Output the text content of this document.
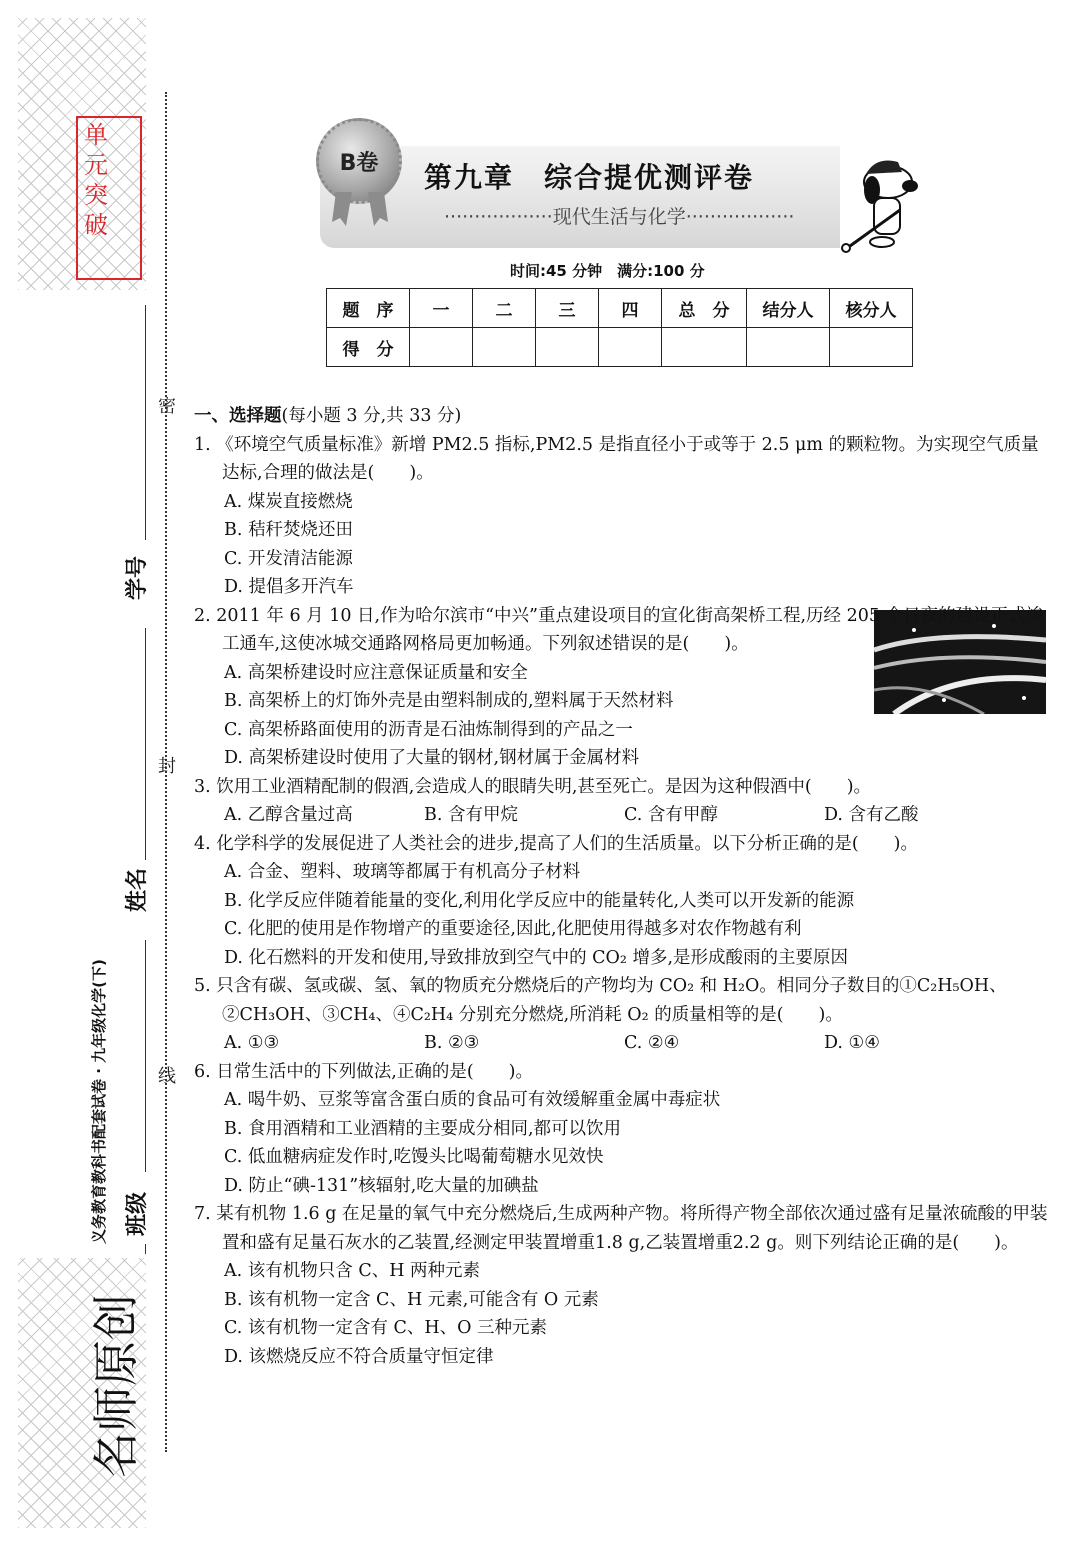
单
元
突
破
密
封
线
学号
姓名
班级
义务教育教科书配套试卷 · 九年级化学(下)
名师原创
B卷 第九章　综合提优测评卷
··················现代生活与化学··················
时间:45 分钟　满分:100 分
题　序	一	二	三	四	总　分	结分人	核分人
得　分							
一、选择题(每小题 3 分,共 33 分)
1. 《环境空气质量标准》新增 PM2.5 指标,PM2.5 是指直径小于或等于 2.5 μm 的颗粒物。为实现空气质量达标,合理的做法是(　　)。
A. 煤炭直接燃烧
B. 秸秆焚烧还田
C. 开发清洁能源
D. 提倡多开汽车
2. 2011 年 6 月 10 日,作为哈尔滨市“中兴”重点建设项目的宣化街高架桥工程,历经 205 个日夜的建设正式竣工通车,这使冰城交通路网格局更加畅通。下列叙述错误的是(　　)。
A. 高架桥建设时应注意保证质量和安全
B. 高架桥上的灯饰外壳是由塑料制成的,塑料属于天然材料
C. 高架桥路面使用的沥青是石油炼制得到的产品之一
D. 高架桥建设时使用了大量的钢材,钢材属于金属材料
3. 饮用工业酒精配制的假酒,会造成人的眼睛失明,甚至死亡。是因为这种假酒中(　　)。
A. 乙醇含量过高	B. 含有甲烷	C. 含有甲醇	D. 含有乙酸
4. 化学科学的发展促进了人类社会的进步,提高了人们的生活质量。以下分析正确的是(　　)。
A. 合金、塑料、玻璃等都属于有机高分子材料
B. 化学反应伴随着能量的变化,利用化学反应中的能量转化,人类可以开发新的能源
C. 化肥的使用是作物增产的重要途径,因此,化肥使用得越多对农作物越有利
D. 化石燃料的开发和使用,导致排放到空气中的 CO₂ 增多,是形成酸雨的主要原因
5. 只含有碳、氢或碳、氢、氧的物质充分燃烧后的产物均为 CO₂ 和 H₂O。相同分子数目的①C₂H₅OH、②CH₃OH、③CH₄、④C₂H₄ 分别充分燃烧,所消耗 O₂ 的质量相等的是(　　)。
A. ①③	B. ②③	C. ②④	D. ①④
6. 日常生活中的下列做法,正确的是(　　)。
A. 喝牛奶、豆浆等富含蛋白质的食品可有效缓解重金属中毒症状
B. 食用酒精和工业酒精的主要成分相同,都可以饮用
C. 低血糖病症发作时,吃馒头比喝葡萄糖水见效快
D. 防止“碘-131”核辐射,吃大量的加碘盐
7. 某有机物 1.6 g 在足量的氧气中充分燃烧后,生成两种产物。将所得产物全部依次通过盛有足量浓硫酸的甲装置和盛有足量石灰水的乙装置,经测定甲装置增重1.8 g,乙装置增重2.2 g。则下列结论正确的是(　　)。
A. 该有机物只含 C、H 两种元素
B. 该有机物一定含 C、H 元素,可能含有 O 元素
C. 该有机物一定含有 C、H、O 三种元素
D. 该燃烧反应不符合质量守恒定律
